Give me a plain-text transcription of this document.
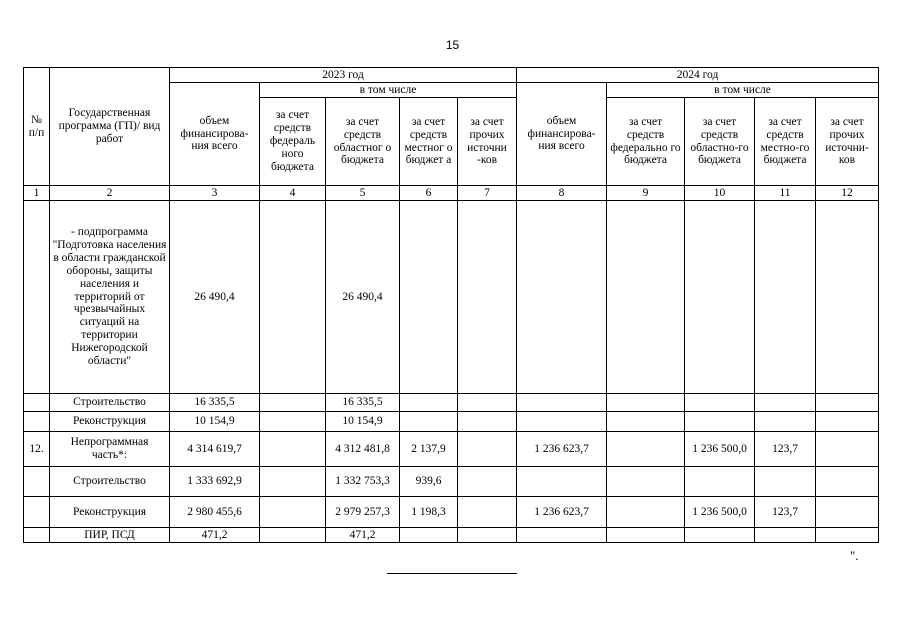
15
№ п/п	Государственная программа (ГП)/ вид работ	2023 год					2024 год				
		объем финансирова-ния всего	в том числе				объем финансирова-ния всего	в том числе			
			за счет средств федераль ного бюджета	за счет средств областног о бюджета	за счет средств местног о бюджет а	за счет прочих источни -ков		за счет средств федерально го бюджета	за счет средств областно-го бюджета	за счет средств местно-го бюджета	за счет прочих источни-ков
1	2	3	4	5	6	7	8	9	10	11	12
	- подпрограмма "Подготовка населения в области гражданской обороны, защиты населения и территорий от чрезвычайных ситуаций на территории Нижегородской области"	26 490,4		26 490,4							
	Строительство	16 335,5		16 335,5							
	Реконструкция	10 154,9		10 154,9							
12.	Непрограммная часть*:	4 314 619,7		4 312 481,8	2 137,9		1 236 623,7		1 236 500,0	123,7	
	Строительство	1 333 692,9		1 332 753,3	939,6						
	Реконструкция	2 980 455,6		2 979 257,3	1 198,3		1 236 623,7		1 236 500,0	123,7	
	ПИР, ПСД	471,2		471,2							
".
